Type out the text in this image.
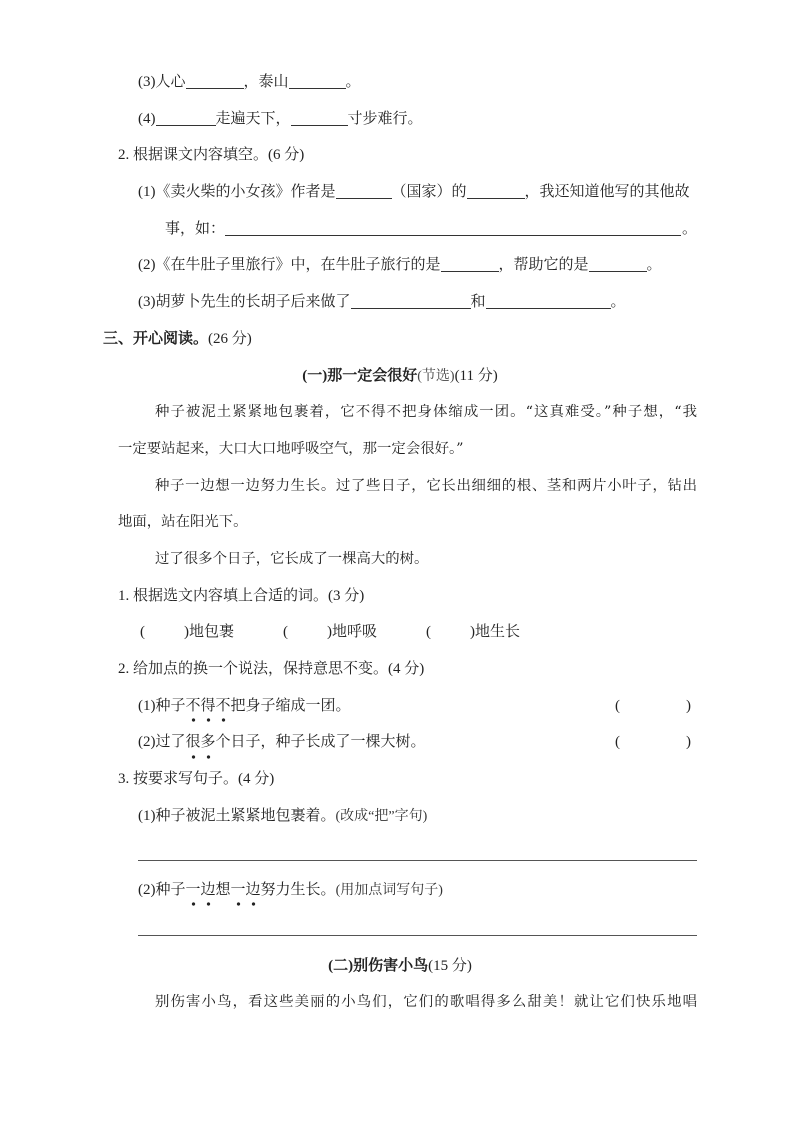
(3)人心	，泰山	。
(4)	走遍天下，	寸步难行。
2. 根据课文内容填空。(6 分)
(1)《卖火柴的小女孩》作者是	（国家）的	，我还知道他写的其他故
事，如：	。
(2)《在牛肚子里旅行》中，在牛肚子旅行的是	，帮助它的是	。
(3)胡萝卜先生的长胡子后来做了	和	。
三、开心阅读。 (26 分)
(一)那一定会很好 (节选) (11 分)
种子被泥土紧紧地包裹着，它不得不把身体缩成一团。“这真难受。”种子想，“我
一定要站起来，大口大口地呼吸空气，那一定会很好。”
种子一边想一边努力生长。过了些日子，它长出细细的根、茎和两片小叶子，钻出
地面，站在阳光下。
过了很多个日子，它长成了一棵高大的树。
1. 根据选文内容填上合适的词。(3 分)
(	) 地包裹	(	) 地呼吸	(	) 地生长
2. 给加点的换一个说法，保持意思不变。(4 分)
(1)种子 不得不 把身子缩成一团。	(	)
(2)过了 很多 个日子，种子长成了一棵大树。	(	)
3. 按要求写句子。(4 分)
(1)种子被泥土紧紧地包裹着。 (改成“把”字句)
(2)种子 一边 想 一边 努力生长。 (用加点词写句子)
(二)别伤害小鸟 (15 分)
别伤害小鸟，看这些美丽的小鸟们，它们的歌唱得多么甜美！就让它们快乐地唱
